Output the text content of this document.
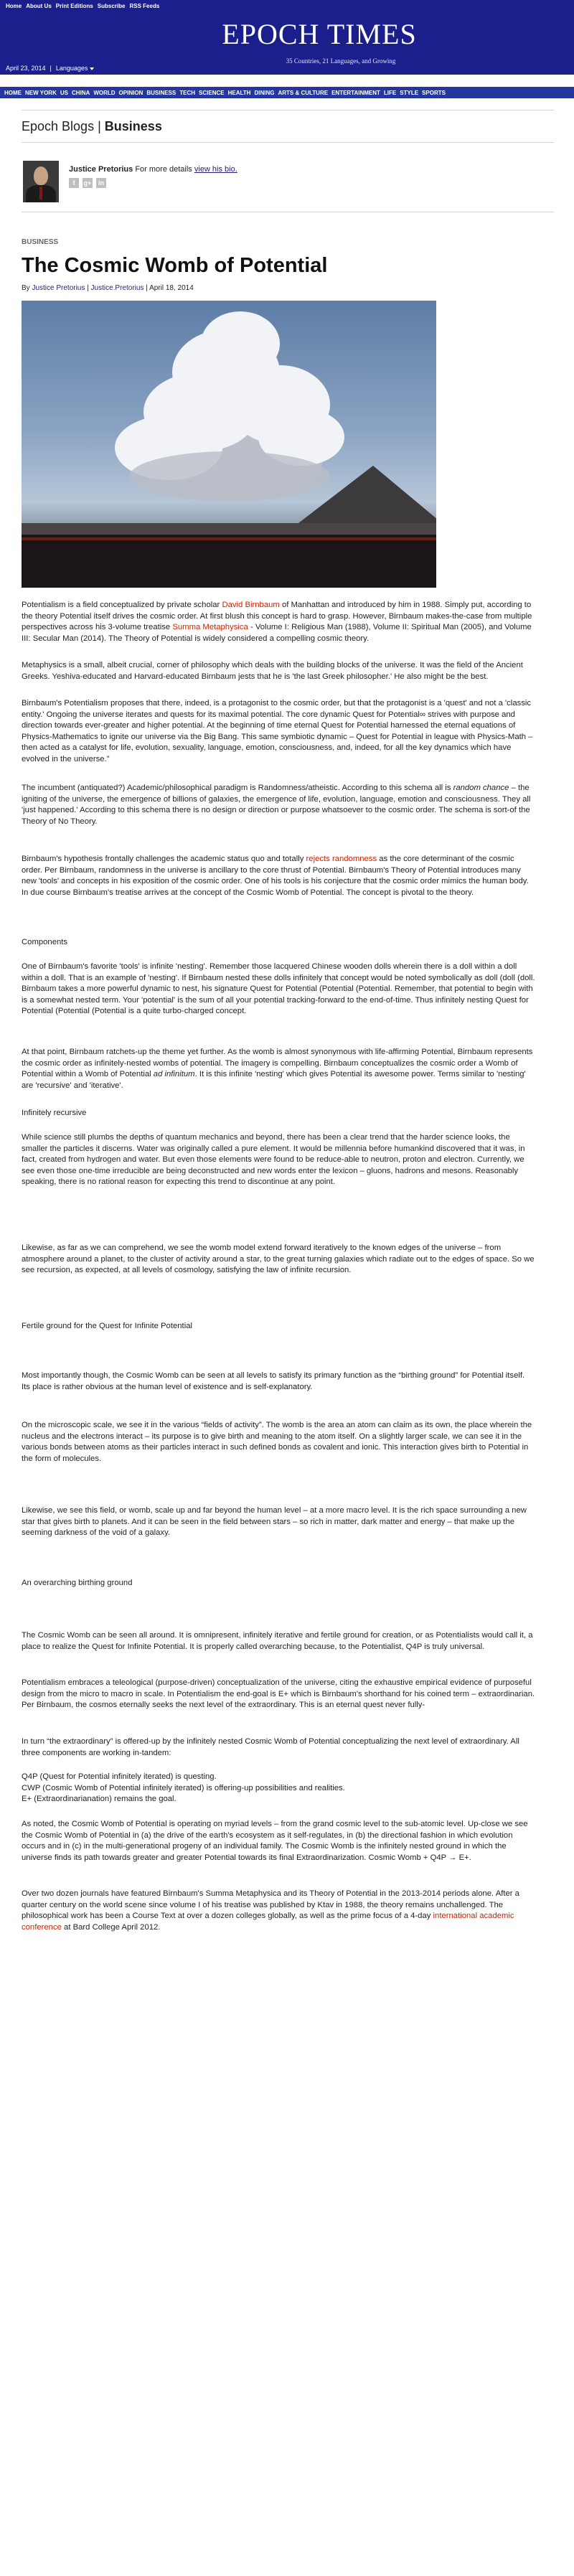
Home About Us Print Editions Subscribe RSS Feeds
EPOCH TIMES
35 Countries, 21 Languages, and Growing
April 23, 2014 | Languages
HOME NEW YORK US CHINA WORLD OPINION BUSINESS TECH SCIENCE HEALTH DINING ARTS & CULTURE ENTERTAINMENT LIFE STYLE SPORTS
Epoch Blogs | Business
Justice Pretorius For more details view his bio.
f	g+	in
BUSINESS
The Cosmic Womb of Potential
By Justice Pretorius | Justice.Pretorius | April 18, 2014

Potentialism is a field conceptualized by private scholar David Birnbaum of Manhattan and introduced by him in 1988. Simply put, according to the theory Potential itself drives the cosmic order. At first blush this concept is hard to grasp. However, Birnbaum makes-the-case from multiple perspectives across his 3-volume treatise Summa Metaphysica - Volume I: Religious Man (1988), Volume II: Spiritual Man (2005), and Volume III: Secular Man (2014). The Theory of Potential is widely considered a compelling cosmic theory.

Metaphysics is a small, albeit crucial, corner of philosophy which deals with the building blocks of the universe. It was the field of the Ancient Greeks. Yeshiva-educated and Harvard-educated Birnbaum jests that he is 'the last Greek philosopher.' He also might be the best.

Birnbaum's Potentialism proposes that there, indeed, is a protagonist to the cosmic order, but that the protagonist is a 'quest' and not a 'classic entity.' Ongoing the universe iterates and quests for its maximal potential. The core dynamic Quest for Potential∞ strives with purpose and direction towards ever-greater and higher potential. At the beginning of time eternal Quest for Potential harnessed the eternal equations of Physics-Mathematics to ignite our universe via the Big Bang. This same symbiotic dynamic – Quest for Potential in league with Physics-Math – then acted as a catalyst for life, evolution, sexuality, language, emotion, consciousness, and, indeed, for all the key dynamics which have evolved in the universe.”

The incumbent (antiquated?) Academic/philosophical paradigm is Randomness/atheistic. According to this schema all is random chance – the igniting of the universe, the emergence of billions of galaxies, the emergence of life, evolution, language, emotion and consciousness. They all 'just happened.' According to this schema there is no design or direction or purpose whatsoever to the cosmic order. The schema is sort-of the Theory of No Theory.

Birnbaum's hypothesis frontally challenges the academic status quo and totally rejects randomness as the core determinant of the cosmic order. Per Birnbaum, randomness in the universe is ancillary to the core thrust of Potential. Birnbaum's Theory of Potential introduces many new 'tools' and concepts in his exposition of the cosmic order. One of his tools is his conjecture that the cosmic order mimics the human body. In due course Birnbaum's treatise arrives at the concept of the Cosmic Womb of Potential. The concept is pivotal to the theory.

Components

One of Birnbaum's favorite 'tools' is infinite 'nesting'. Remember those lacquered Chinese wooden dolls wherein there is a doll within a doll within a doll. That is an example of 'nesting'. If Birnbaum nested these dolls infinitely that concept would be noted symbolically as doll (doll (doll. Birnbaum takes a more powerful dynamic to nest, his signature Quest for Potential (Potential (Potential. Remember, that potential to begin with is a somewhat nested term. Your 'potential' is the sum of all your potential tracking-forward to the end-of-time. Thus infinitely nesting Quest for Potential (Potential (Potential is a quite turbo-charged concept.

At that point, Birnbaum ratchets-up the theme yet further. As the womb is almost synonymous with life-affirming Potential, Birnbaum represents the cosmic order as infinitely-nested wombs of potential. The imagery is compelling. Birnbaum conceptualizes the cosmic order a Womb of Potential within a Womb of Potential ad infinitum. It is this infinite 'nesting' which gives Potential its awesome power. Terms similar to 'nesting' are 'recursive' and 'iterative'.

Infinitely recursive

While science still plumbs the depths of quantum mechanics and beyond, there has been a clear trend that the harder science looks, the smaller the particles it discerns. Water was originally called a pure element. It would be millennia before humankind discovered that it was, in fact, created from hydrogen and water. But even those elements were found to be reduce-able to neutron, proton and electron. Currently, we see even those one-time irreducible are being deconstructed and new words enter the lexicon – gluons, hadrons and mesons. Reasonably speaking, there is no rational reason for expecting this trend to discontinue at any point.

Likewise, as far as we can comprehend, we see the womb model extend forward iteratively to the known edges of the universe – from atmosphere around a planet, to the cluster of activity around a star, to the great turning galaxies which radiate out to the edges of space. So we see recursion, as expected, at all levels of cosmology, satisfying the law of infinite recursion.

Fertile ground for the Quest for Infinite Potential

Most importantly though, the Cosmic Womb can be seen at all levels to satisfy its primary function as the “birthing ground” for Potential itself. Its place is rather obvious at the human level of existence and is self-explanatory.

On the microscopic scale, we see it in the various “fields of activity”. The womb is the area an atom can claim as its own, the place wherein the nucleus and the electrons interact – its purpose is to give birth and meaning to the atom itself. On a slightly larger scale, we can see it in the various bonds between atoms as their particles interact in such defined bonds as covalent and ionic. This interaction gives birth to Potential in the form of molecules.

Likewise, we see this field, or womb, scale up and far beyond the human level – at a more macro level. It is the rich space surrounding a new star that gives birth to planets. And it can be seen in the field between stars – so rich in matter, dark matter and energy – that make up the seeming darkness of the void of a galaxy.

An overarching birthing ground

The Cosmic Womb can be seen all around. It is omnipresent, infinitely iterative and fertile ground for creation, or as Potentialists would call it, a place to realize the Quest for Infinite Potential. It is properly called overarching because, to the Potentialist, Q4P is truly universal.

Potentialism embraces a teleological (purpose-driven) conceptualization of the universe, citing the exhaustive empirical evidence of purposeful design from the micro to macro in scale. In Potentialism the end-goal is E+ which is Birnbaum's shorthand for his coined term – extraordinarian. Per Birnbaum, the cosmos eternally seeks the next level of the extraordinary. This is an eternal quest never fully-

In turn “the extraordinary” is offered-up by the infinitely nested Cosmic Womb of Potential conceptualizing the next level of extraordinary. All three components are working in-tandem:

Q4P (Quest for Potential infinitely iterated) is questing.
CWP (Cosmic Womb of Potential infinitely iterated) is offering-up possibilities and realities.
E+ (Extraordinarianation) remains the goal.

As noted, the Cosmic Womb of Potential is operating on myriad levels – from the grand cosmic level to the sub-atomic level. Up-close we see the Cosmic Womb of Potential in (a) the drive of the earth's ecosystem as it self-regulates, in (b) the directional fashion in which evolution occurs and in (c) in the multi-generational progeny of an individual family. The Cosmic Womb is the infinitely nested ground in which the universe finds its path towards greater and greater Potential towards its final Extraordinarization. Cosmic Womb + Q4P → E+.

Over two dozen journals have featured Birnbaum's Summa Metaphysica and its Theory of Potential in the 2013-2014 periods alone. After a quarter century on the world scene since volume I of his treatise was published by Ktav in 1988, the theory remains unchallenged. The philosophical work has been a Course Text at over a dozen colleges globally, as well as the prime focus of a 4-day international academic conference at Bard College April 2012.
